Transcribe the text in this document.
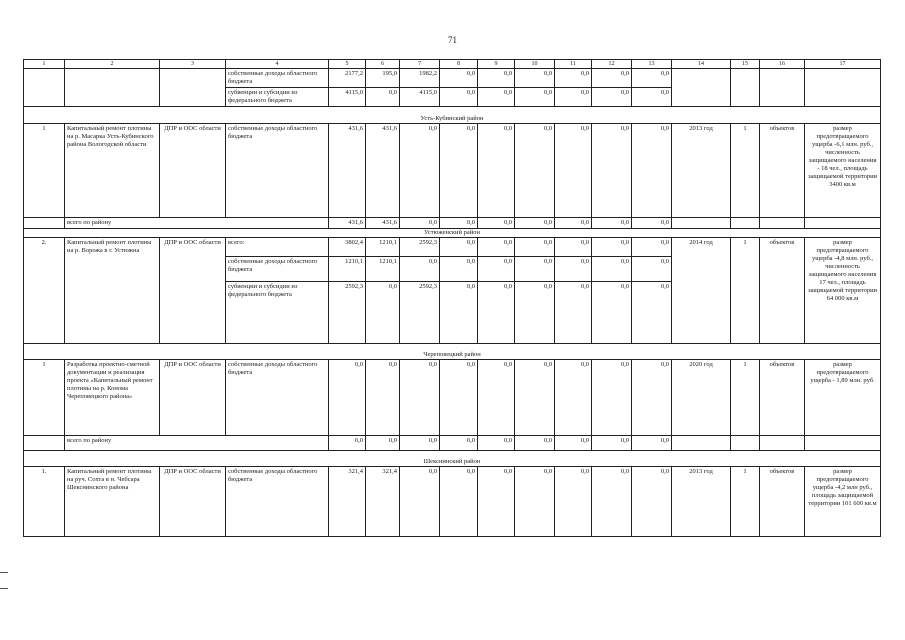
71
1	2	3	4	5	6	7	8	9	10	11	12	13	14	15	16	17
			собственные доходы областного бюджета	2177,2	195,0	1982,2	0,0	0,0	0,0	0,0	0,0	0,0				
			субвенции и субсидии из федерального бюджета	4115,0	0,0	4115,0	0,0	0,0	0,0	0,0	0,0	0,0				
Усть-Кубинский район																
1	Капитальный ремонт плотины на р. Масарка Усть-Кубинского района Вологодской области	ДПР и ООС области	собственные доходы областного бюджета	431,6	431,6	0,0	0,0	0,0	0,0	0,0	0,0	0,0	2013 год	1	объектов	размер предотвращаемого ущерба -6,1 млн. руб., численность защищаемого населения - 18 чел., площадь защищаемой территории 3400 кв.м
	всего по району			431,6	431,6	0,0	0,0	0,0	0,0	0,0	0,0	0,0				
Устюженский район																
2.	Капитальный ремонт плотины на р. Ворожа в г. Устюжна	ДПР и ООС области	всего:	3802,4	1210,1	2592,3	0,0	0,0	0,0	0,0	0,0	0,0	2014 год	1	объектов	размер предотвращаемого ущерба -4,8 млн. руб., численность защищаемого населения 17 чел., площадь защищаемой территории 64 000 кв.м
			собственные доходы областного бюджета	1210,1	1210,1	0,0	0,0	0,0	0,0	0,0	0,0	0,0				
			субвенции и субсидии из федерального бюджета	2592,3	0,0	2592,3	0,0	0,0	0,0	0,0	0,0	0,0				
Череповецкий район																
1	Разработка проектно-сметной документации и реализация проекта «Капитальный ремонт плотины на р. Конома Череповецкого района»	ДПР и ООС области	собственные доходы областного бюджета	0,0	0,0	0,0	0,0	0,0	0,0	0,0	0,0	0,0	2020 год	1	объектов	размер предотвращаемого ущерба - 1,89 млн. руб.
	всего по району			0,0	0,0	0,0	0,0	0,0	0,0	0,0	0,0	0,0				
Шекснинский район																
1.	Капитальный ремонт плотины на руч. Сохта в н. Чебсара Шекснинского района	ДПР и ООС области	собственные доходы областного бюджета	321,4	321,4	0,0	0,0	0,0	0,0	0,0	0,0	0,0	2013 год	1	объектов	размер предотвращаемого ущерба -4,2 млн руб., площадь защищаемой территории 101 600 кв.м
